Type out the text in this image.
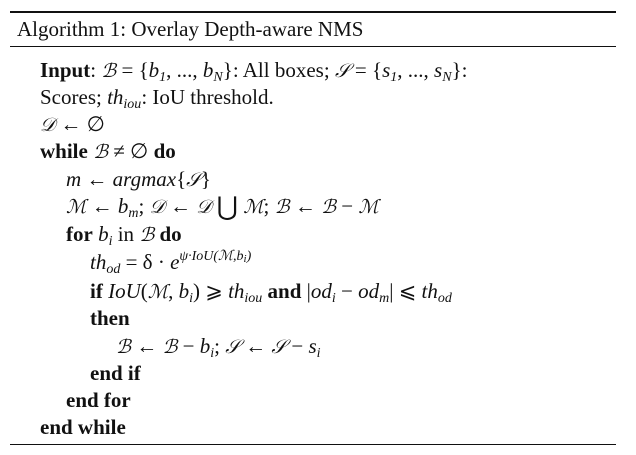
Algorithm 1: Overlay Depth-aware NMS
Input: ℬ = {$b_1$, ..., $b_N$}: All boxes; 𝒮 = {$s_1$, ..., $s_N$}:
Scores; $th_{iou}$: IoU threshold.
𝒟 ← ∅
while ℬ ≠ ∅ do
m ← argmax{𝒮}
ℳ ← $b_m$; 𝒟 ← 𝒟 ⋃ ℳ; ℬ ← ℬ − ℳ
for $b_i$ in ℬ do
$th_{od} = \delta \cdot e^{\psi\cdot IoU(ℳ,b_i)}$
if IoU(ℳ, $b_i$) ⩾ $th_{iou}$ and $|od_i - od_m|$ ⩽ $th_{od}$
then
ℬ ← ℬ − $b_i$; 𝒮 ← 𝒮 − $s_i$
end if
end for
end while
